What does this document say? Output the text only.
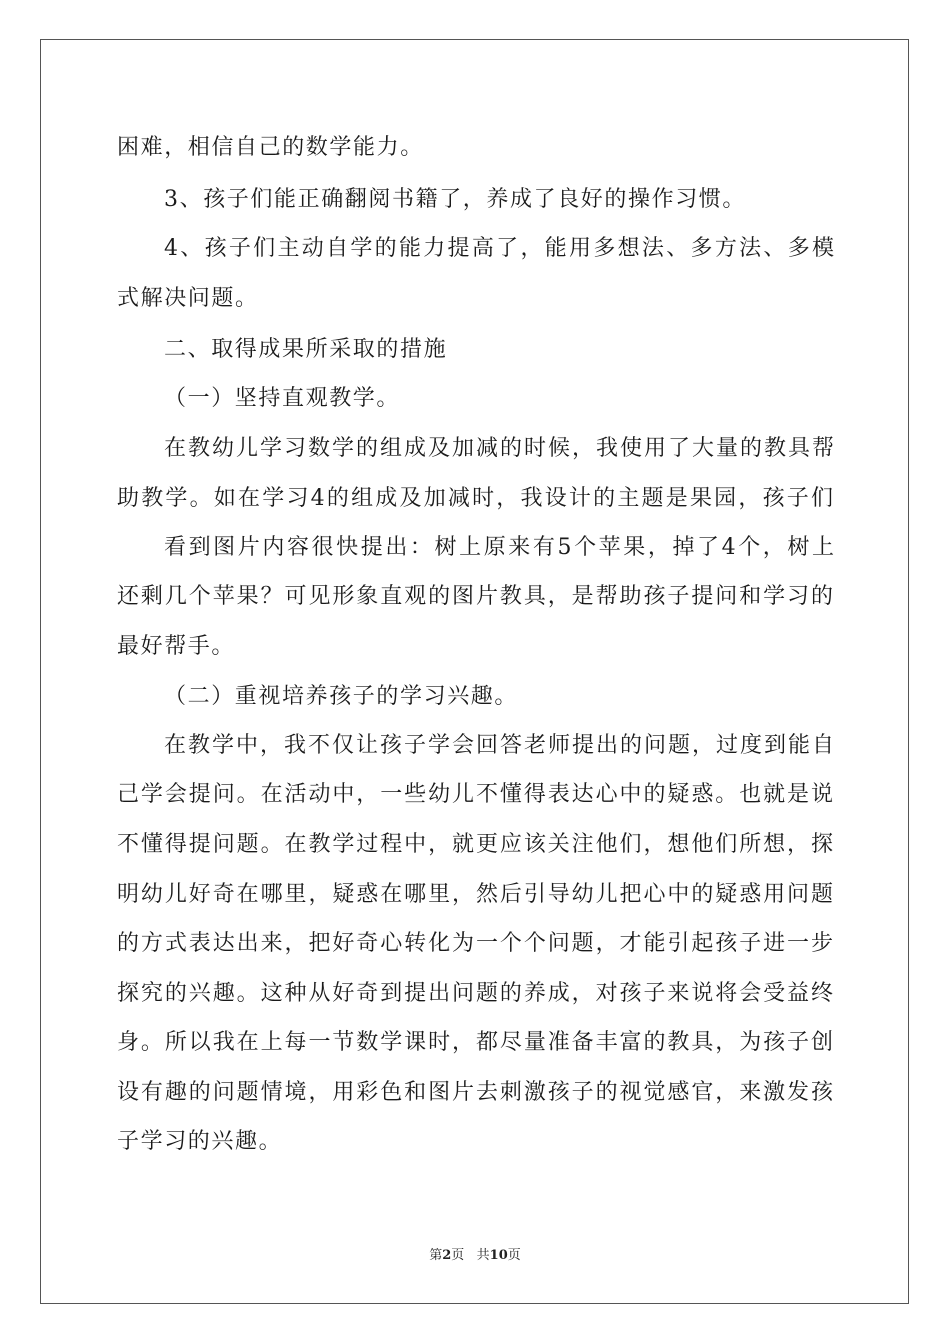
困难，相信自己的数学能力。
3、孩子们能正确翻阅书籍了，养成了良好的操作习惯。
4、孩子们主动自学的能力提高了，能用多想法、多方法、多模
式解决问题。
二、取得成果所采取的措施
（一）坚持直观教学。
在教幼儿学习数学的组成及加减的时候，我使用了大量的教具帮
助教学。如在学习4的组成及加减时，我设计的主题是果园，孩子们
看到图片内容很快提出：树上原来有5个苹果，掉了4个，树上
还剩几个苹果？可见形象直观的图片教具，是帮助孩子提问和学习的
最好帮手。
（二）重视培养孩子的学习兴趣。
在教学中，我不仅让孩子学会回答老师提出的问题，过度到能自
己学会提问。在活动中，一些幼儿不懂得表达心中的疑惑。也就是说
不懂得提问题。在教学过程中，就更应该关注他们，想他们所想，探
明幼儿好奇在哪里，疑惑在哪里，然后引导幼儿把心中的疑惑用问题
的方式表达出来，把好奇心转化为一个个问题，才能引起孩子进一步
探究的兴趣。这种从好奇到提出问题的养成，对孩子来说将会受益终
身。所以我在上每一节数学课时，都尽量准备丰富的教具，为孩子创
设有趣的问题情境，用彩色和图片去刺激孩子的视觉感官，来激发孩
子学习的兴趣。
第2页   共10页
